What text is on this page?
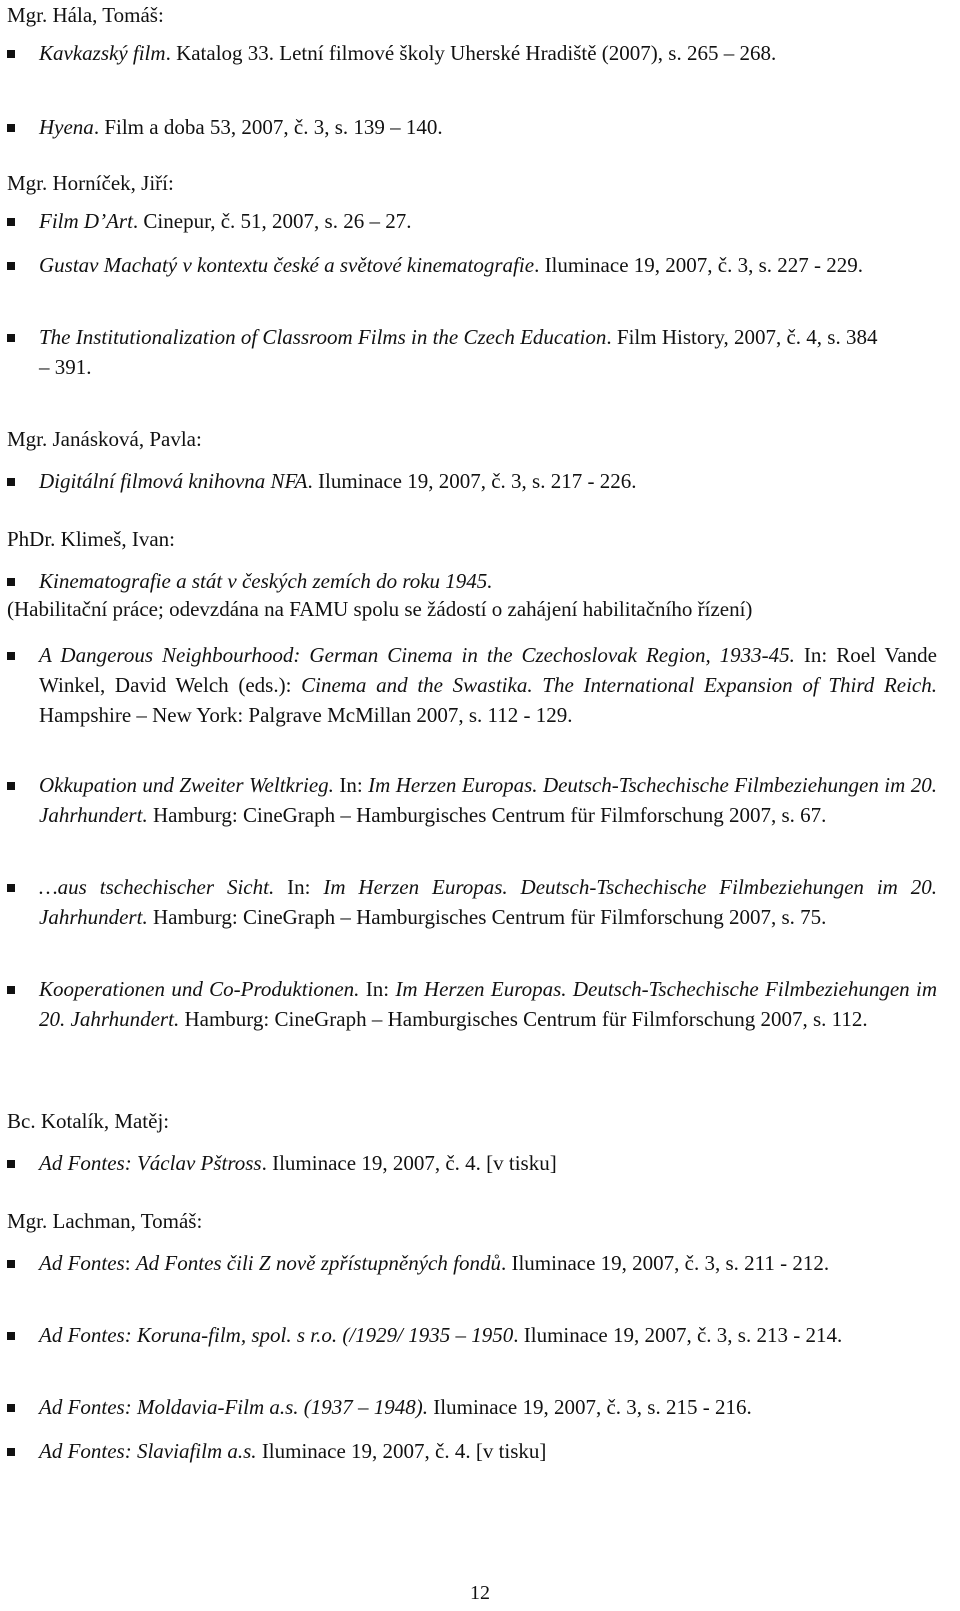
Mgr. Hála, Tomáš:

Kavkazský film. Katalog 33. Letní filmové školy Uherské Hradiště (2007), s. 265 – 268.
Hyena. Film a doba 53, 2007, č. 3, s. 139 – 140.

Mgr. Horníček, Jiří:

Film D’Art. Cinepur, č. 51, 2007, s. 26 – 27.
Gustav Machatý v kontextu české a světové kinematografie. Iluminace 19, 2007, č. 3, s. 227 - 229.
The Institutionalization of Classroom Films in the Czech Education. Film History, 2007, č. 4, s. 384 – 391.

Mgr. Janásková, Pavla:

Digitální filmová knihovna NFA. Iluminace 19, 2007, č. 3, s. 217 - 226.

PhDr. Klimeš, Ivan:

Kinematografie a stát v českých zemích do roku 1945.

(Habilitační práce; odevzdána na FAMU spolu se žádostí o zahájení habilitačního řízení)

A Dangerous Neighbourhood: German Cinema in the Czechoslovak Region, 1933-45. In: Roel Vande Winkel, David Welch (eds.): Cinema and the Swastika. The International Expansion of Third Reich. Hampshire – New York: Palgrave McMillan 2007, s. 112 - 129.
Okkupation und Zweiter Weltkrieg. In: Im Herzen Europas. Deutsch-Tschechische Filmbeziehungen im 20. Jahrhundert. Hamburg: CineGraph – Hamburgisches Centrum für Filmforschung 2007, s. 67.
…aus tschechischer Sicht. In: Im Herzen Europas. Deutsch-Tschechische Filmbeziehungen im 20. Jahrhundert. Hamburg: CineGraph – Hamburgisches Centrum für Filmforschung 2007, s. 75.
Kooperationen und Co-Produktionen. In: Im Herzen Europas. Deutsch-Tschechische Filmbeziehungen im 20. Jahrhundert. Hamburg: CineGraph – Hamburgisches Centrum für Filmforschung 2007, s. 112.

Bc. Kotalík, Matěj:

Ad Fontes: Václav Pštross. Iluminace 19, 2007, č. 4. [v tisku]

Mgr. Lachman, Tomáš:

Ad Fontes: Ad Fontes čili Z nově zpřístupněných fondů. Iluminace 19, 2007, č. 3, s. 211 - 212.
Ad Fontes: Koruna-film, spol. s r.o. (/1929/ 1935 – 1950. Iluminace 19, 2007, č. 3, s. 213 - 214.
Ad Fontes: Moldavia-Film a.s. (1937 – 1948). Iluminace 19, 2007, č. 3, s. 215 - 216.
Ad Fontes: Slaviafilm a.s. Iluminace 19, 2007, č. 4. [v tisku]
12
